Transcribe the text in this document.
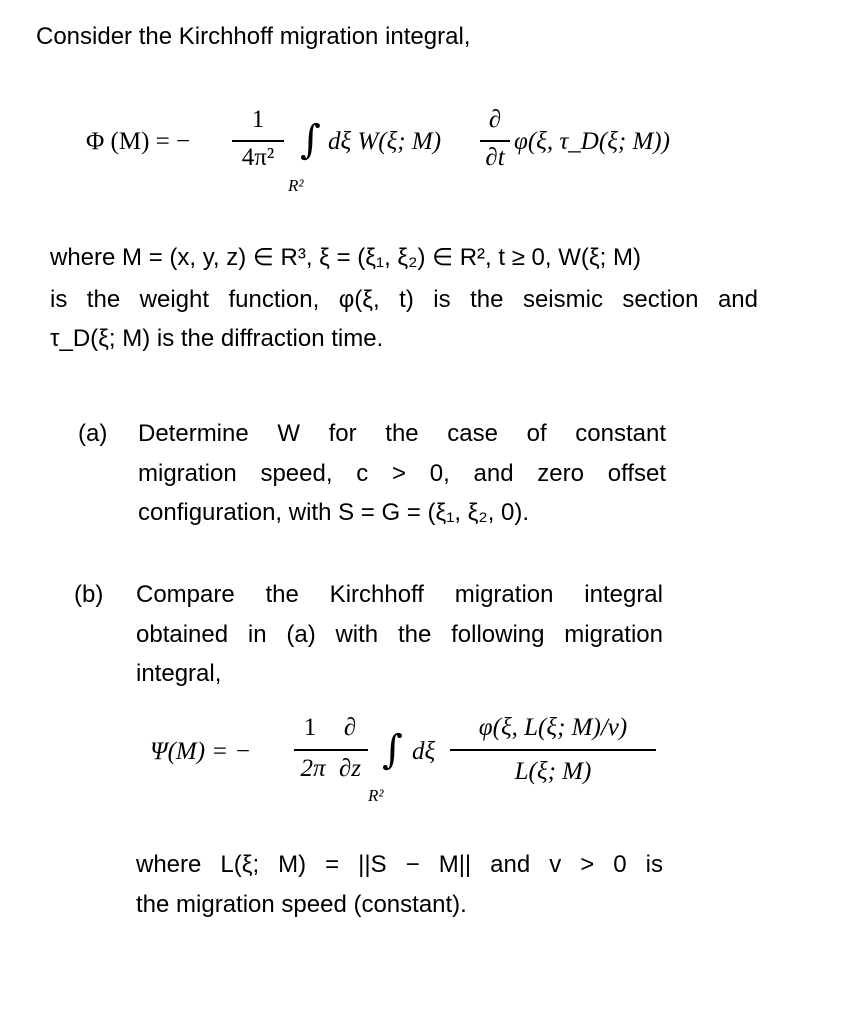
Consider the Kirchhoff migration integral,
Φ (M) = −
1
4π² ∫
R²
dξ W(ξ; M)
∂
∂t
φ(ξ, τ_D(ξ; M))
where M = (x, y, z) ∈ R³, ξ = (ξ₁, ξ₂) ∈ R², t ≥ 0, W(ξ; M)
is the weight function, φ(ξ, t) is the seismic section and
τ_D(ξ; M) is the diffraction time.
(a) Determine W for the case of constant
migration speed, c > 0, and zero offset
configuration, with S = G = (ξ₁, ξ₂, 0).
(b) Compare the Kirchhoff migration integral
obtained in (a) with the following migration
integral,
Ψ(M) = −
1	∂
2π ∂z ∫
R²
dξ
φ(ξ, L(ξ; M)/v)
L(ξ; M)
where L(ξ; M) = ||S − M|| and v > 0 is
the migration speed (constant).
